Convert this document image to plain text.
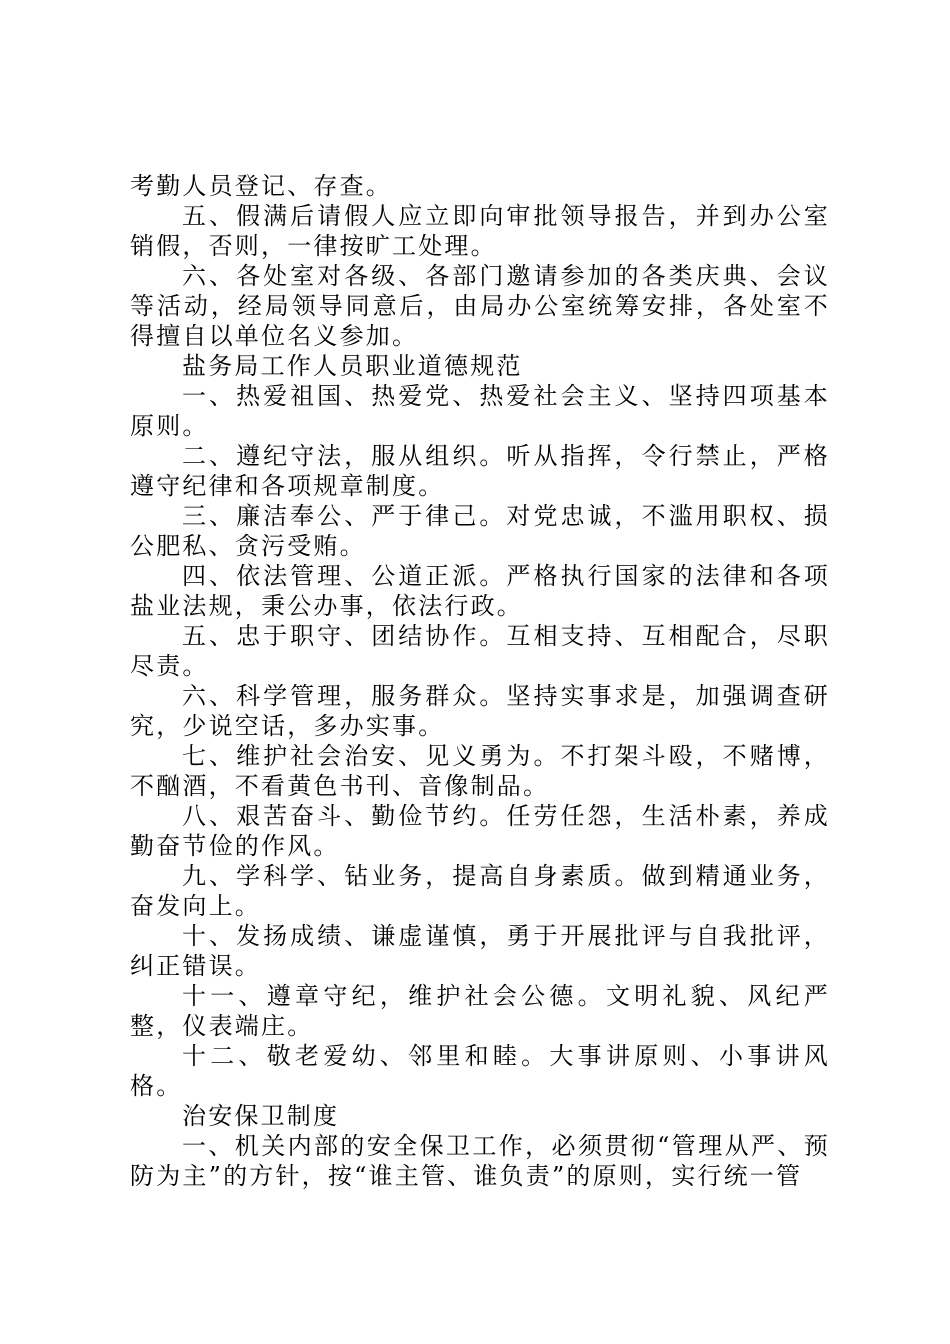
考勤人员登记、存查。

五、假满后请假人应立即向审批领导报告，并到办公室销假，否则，一律按旷工处理。

六、各处室对各级、各部门邀请参加的各类庆典、会议等活动，经局领导同意后，由局办公室统筹安排，各处室不得擅自以单位名义参加。

盐务局工作人员职业道德规范

一、热爱祖国、热爱党、热爱社会主义、坚持四项基本原则。

二、遵纪守法，服从组织。听从指挥，令行禁止，严格遵守纪律和各项规章制度。

三、廉洁奉公、严于律己。对党忠诚，不滥用职权、损公肥私、贪污受贿。

四、依法管理、公道正派。严格执行国家的法律和各项盐业法规，秉公办事，依法行政。

五、忠于职守、团结协作。互相支持、互相配合，尽职尽责。

六、科学管理，服务群众。坚持实事求是，加强调查研究，少说空话，多办实事。

七、维护社会治安、见义勇为。不打架斗殴，不赌博，不酗酒，不看黄色书刊、音像制品。

八、艰苦奋斗、勤俭节约。任劳任怨，生活朴素，养成勤奋节俭的作风。

九、学科学、钻业务，提高自身素质。做到精通业务，奋发向上。

十、发扬成绩、谦虚谨慎，勇于开展批评与自我批评，纠正错误。

十一、遵章守纪，维护社会公德。文明礼貌、风纪严整，仪表端庄。

十二、敬老爱幼、邻里和睦。大事讲原则、小事讲风格。

治安保卫制度

一、机关内部的安全保卫工作，必须贯彻“管理从严、预防为主”的方针，按“谁主管、谁负责”的原则，实行统一管
